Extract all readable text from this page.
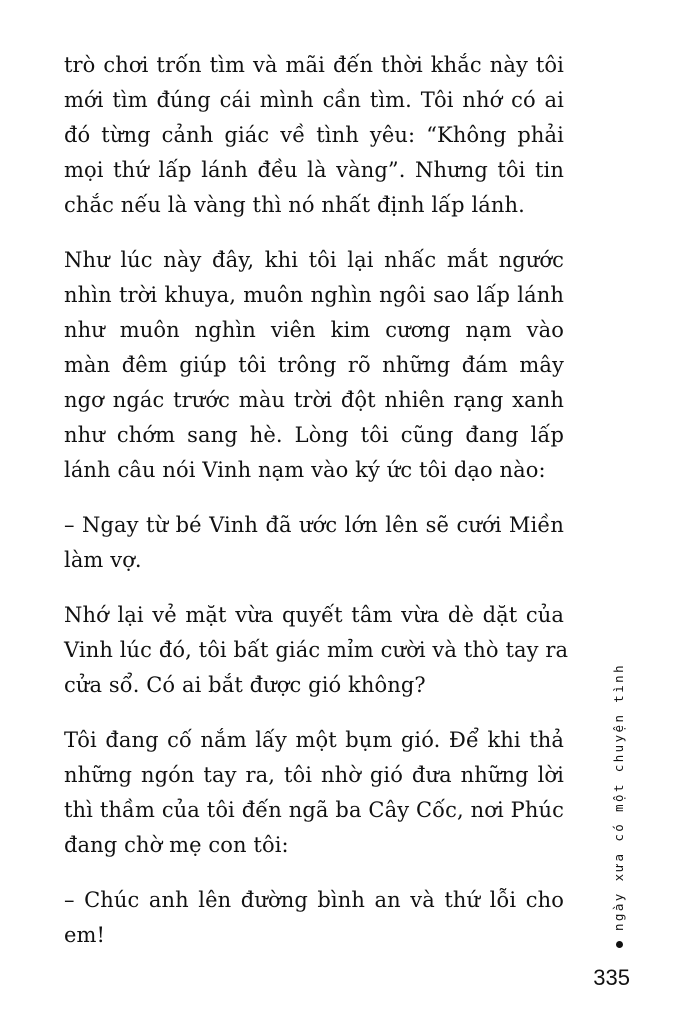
trò chơi trốn tìm và mãi đến thời khắc này tôi
mới tìm đúng cái mình cần tìm. Tôi nhớ có ai
đó từng cảnh giác về tình yêu: “Không phải
mọi thứ lấp lánh đều là vàng”. Nhưng tôi tin
chắc nếu là vàng thì nó nhất định lấp lánh.

Như lúc này đây, khi tôi lại nhấc mắt ngước
nhìn trời khuya, muôn nghìn ngôi sao lấp lánh
như muôn nghìn viên kim cương nạm vào
màn đêm giúp tôi trông rõ những đám mây
ngơ ngác trước màu trời đột nhiên rạng xanh
như chớm sang hè. Lòng tôi cũng đang lấp
lánh câu nói Vinh nạm vào ký ức tôi dạo nào:

– Ngay từ bé Vinh đã ước lớn lên sẽ cưới Miền
làm vợ.

Nhớ lại vẻ mặt vừa quyết tâm vừa dè dặt của
Vinh lúc đó, tôi bất giác mỉm cười và thò tay ra
cửa sổ. Có ai bắt được gió không?

Tôi đang cố nắm lấy một bụm gió. Để khi thả
những ngón tay ra, tôi nhờ gió đưa những lời
thì thầm của tôi đến ngã ba Cây Cốc, nơi Phúc
đang chờ mẹ con tôi:

– Chúc anh lên đường bình an và thứ lỗi cho
em!

ngày xưa có một chuyện tình
335
